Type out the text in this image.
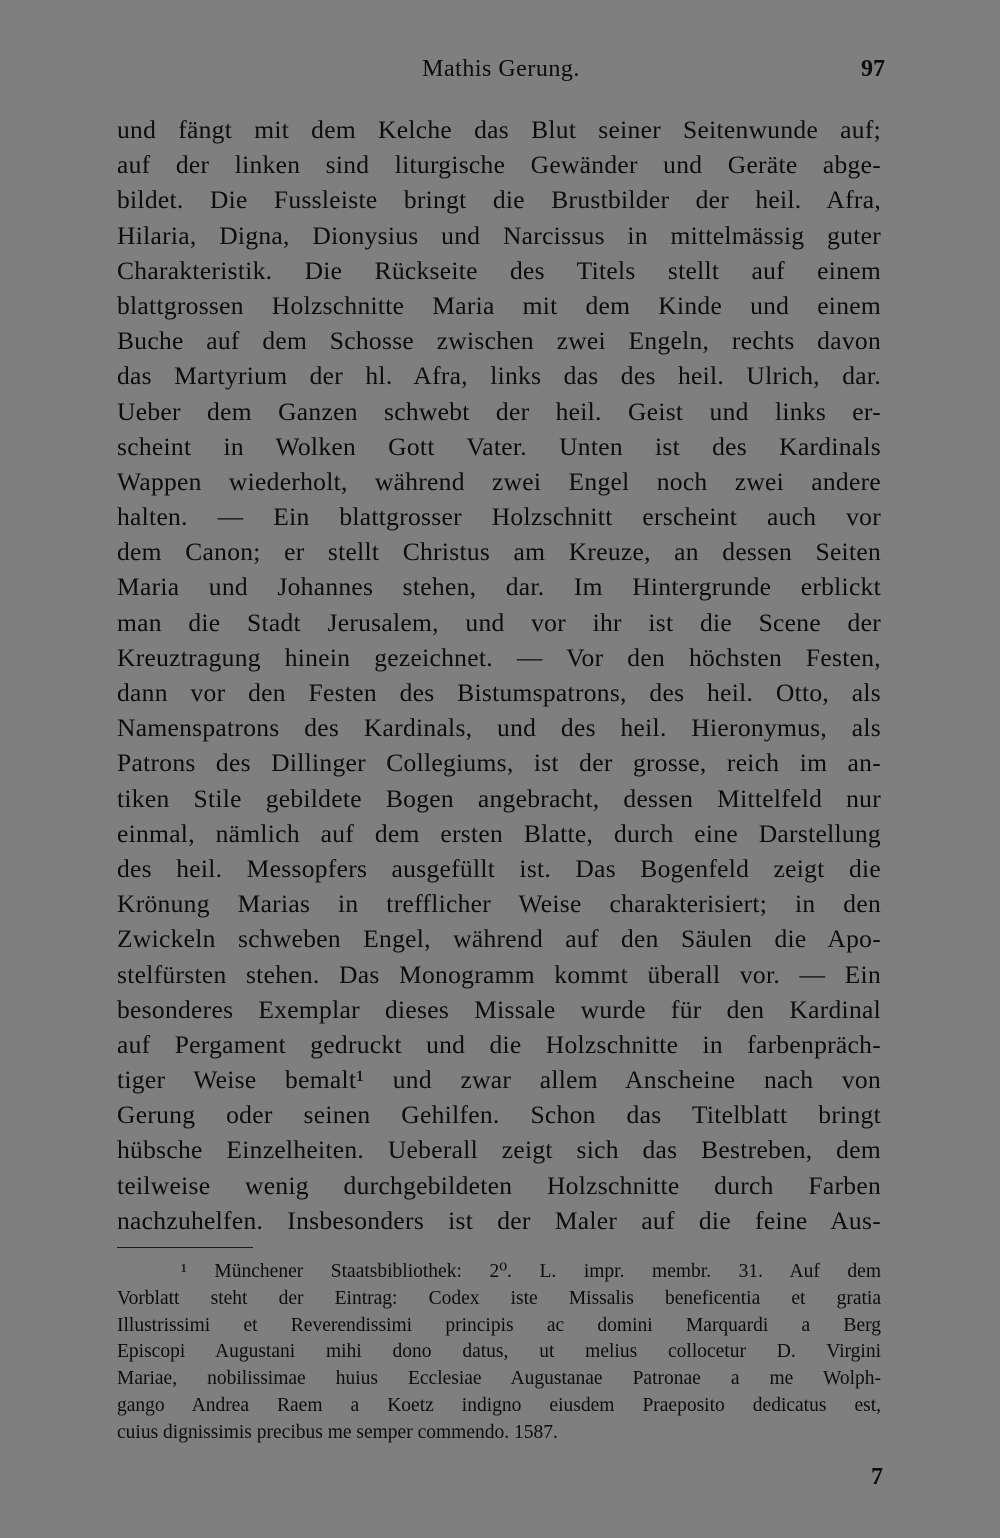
Mathis Gerung.	97
und fängt mit dem Kelche das Blut seiner Seitenwunde auf;
auf der linken sind liturgische Gewänder und Geräte abge-
bildet. Die Fussleiste bringt die Brustbilder der heil. Afra,
Hilaria, Digna, Dionysius und Narcissus in mittelmässig guter
Charakteristik. Die Rückseite des Titels stellt auf einem
blattgrossen Holzschnitte Maria mit dem Kinde und einem
Buche auf dem Schosse zwischen zwei Engeln, rechts davon
das Martyrium der hl. Afra, links das des heil. Ulrich, dar.
Ueber dem Ganzen schwebt der heil. Geist und links er-
scheint in Wolken Gott Vater. Unten ist des Kardinals
Wappen wiederholt, während zwei Engel noch zwei andere
halten. — Ein blattgrosser Holzschnitt erscheint auch vor
dem Canon; er stellt Christus am Kreuze, an dessen Seiten
Maria und Johannes stehen, dar. Im Hintergrunde erblickt
man die Stadt Jerusalem, und vor ihr ist die Scene der
Kreuztragung hinein gezeichnet. — Vor den höchsten Festen,
dann vor den Festen des Bistumspatrons, des heil. Otto, als
Namenspatrons des Kardinals, und des heil. Hieronymus, als
Patrons des Dillinger Collegiums, ist der grosse, reich im an-
tiken Stile gebildete Bogen angebracht, dessen Mittelfeld nur
einmal, nämlich auf dem ersten Blatte, durch eine Darstellung
des heil. Messopfers ausgefüllt ist. Das Bogenfeld zeigt die
Krönung Marias in trefflicher Weise charakterisiert; in den
Zwickeln schweben Engel, während auf den Säulen die Apo-
stelfürsten stehen. Das Monogramm kommt überall vor. — Ein
besonderes Exemplar dieses Missale wurde für den Kardinal
auf Pergament gedruckt und die Holzschnitte in farbenpräch-
tiger Weise bemalt¹ und zwar allem Anscheine nach von
Gerung oder seinen Gehilfen. Schon das Titelblatt bringt
hübsche Einzelheiten. Ueberall zeigt sich das Bestreben, dem
teilweise wenig durchgebildeten Holzschnitte durch Farben
nachzuhelfen. Insbesonders ist der Maler auf die feine Aus-
¹ Münchener Staatsbibliothek: 2⁰. L. impr. membr. 31. Auf dem
Vorblatt steht der Eintrag: Codex iste Missalis beneficentia et gratia
Illustrissimi et Reverendissimi principis ac domini Marquardi a Berg
Episcopi Augustani mihi dono datus, ut melius collocetur D. Virgini
Mariae, nobilissimae huius Ecclesiae Augustanae Patronae a me Wolph-
gango Andrea Raem a Koetz indigno eiusdem Praeposito dedicatus est,
cuius dignissimis precibus me semper commendo. 1587.
7
